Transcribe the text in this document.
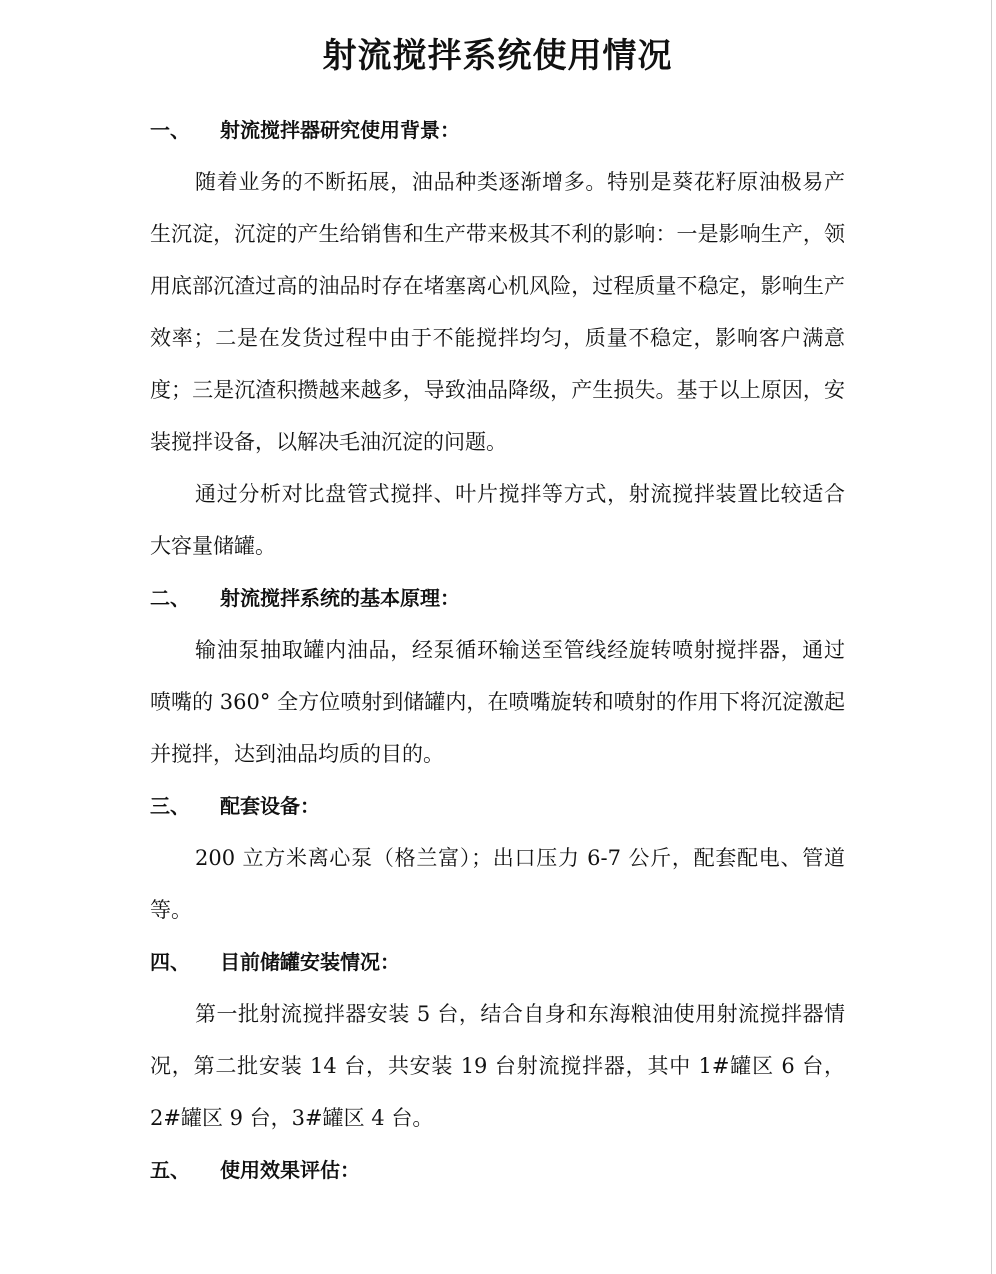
射流搅拌系统使用情况
一、	射流搅拌器研究使用背景：

随着业务的不断拓展，油品种类逐渐增多。特别是葵花籽原油极易产生沉淀，沉淀的产生给销售和生产带来极其不利的影响：一是影响生产，领用底部沉渣过高的油品时存在堵塞离心机风险，过程质量不稳定，影响生产效率；二是在发货过程中由于不能搅拌均匀，质量不稳定，影响客户满意度；三是沉渣积攒越来越多，导致油品降级，产生损失。基于以上原因，安装搅拌设备，以解决毛油沉淀的问题。

通过分析对比盘管式搅拌、叶片搅拌等方式，射流搅拌装置比较适合大容量储罐。

二、	射流搅拌系统的基本原理：

输油泵抽取罐内油品，经泵循环输送至管线经旋转喷射搅拌器，通过喷嘴的 360° 全方位喷射到储罐内，在喷嘴旋转和喷射的作用下将沉淀激起并搅拌，达到油品均质的目的。

三、	配套设备：

200 立方米离心泵（格兰富）；出口压力 6-7 公斤，配套配电、管道等。

四、	目前储罐安装情况：

第一批射流搅拌器安装 5 台，结合自身和东海粮油使用射流搅拌器情况，第二批安装 14 台，共安装 19 台射流搅拌器，其中 1#罐区 6 台，2#罐区 9 台，3#罐区 4 台。

五、	使用效果评估：
